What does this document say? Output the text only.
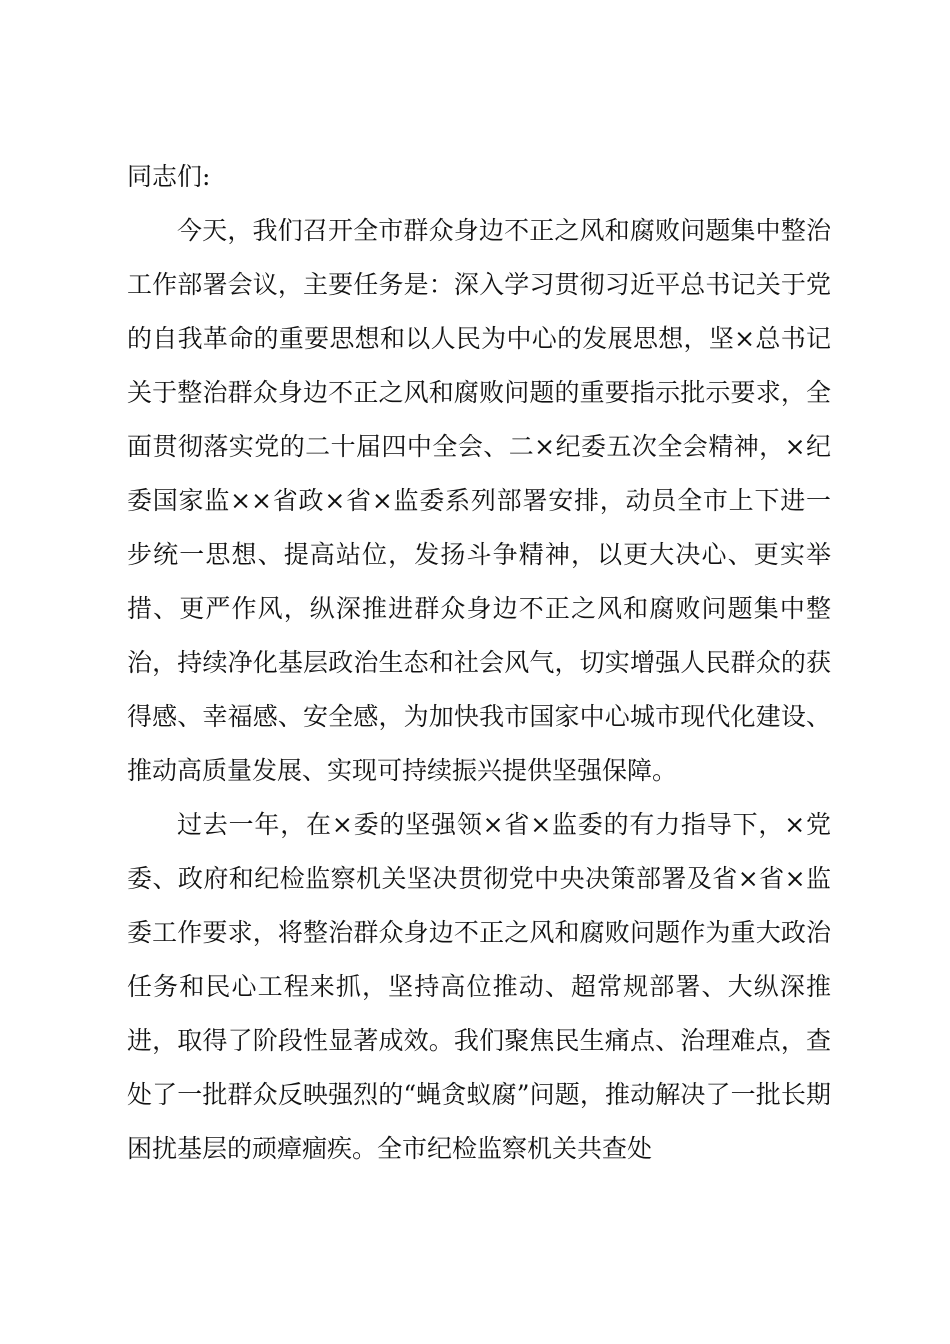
同志们:

今天，我们召开全市群众身边不正之风和腐败问题集中整治工作部署会议，主要任务是：深入学习贯彻习近平总书记关于党的自我革命的重要思想和以人民为中心的发展思想，坚×总书记关于整治群众身边不正之风和腐败问题的重要指示批示要求，全面贯彻落实党的二十届四中全会、二×纪委五次全会精神，×纪委国家监××省政×省×监委系列部署安排，动员全市上下进一步统一思想、提高站位，发扬斗争精神，以更大决心、更实举措、更严作风，纵深推进群众身边不正之风和腐败问题集中整治，持续净化基层政治生态和社会风气，切实增强人民群众的获得感、幸福感、安全感，为加快我市国家中心城市现代化建设、推动高质量发展、实现可持续振兴提供坚强保障。

过去一年，在×委的坚强领×省×监委的有力指导下，×党委、政府和纪检监察机关坚决贯彻党中央决策部署及省×省×监委工作要求，将整治群众身边不正之风和腐败问题作为重大政治任务和民心工程来抓，坚持高位推动、超常规部署、大纵深推进，取得了阶段性显著成效。我们聚焦民生痛点、治理难点，查处了一批群众反映强烈的“蝇贪蚁腐”问题，推动解决了一批长期困扰基层的顽瘴痼疾。全市纪检监察机关共查处
